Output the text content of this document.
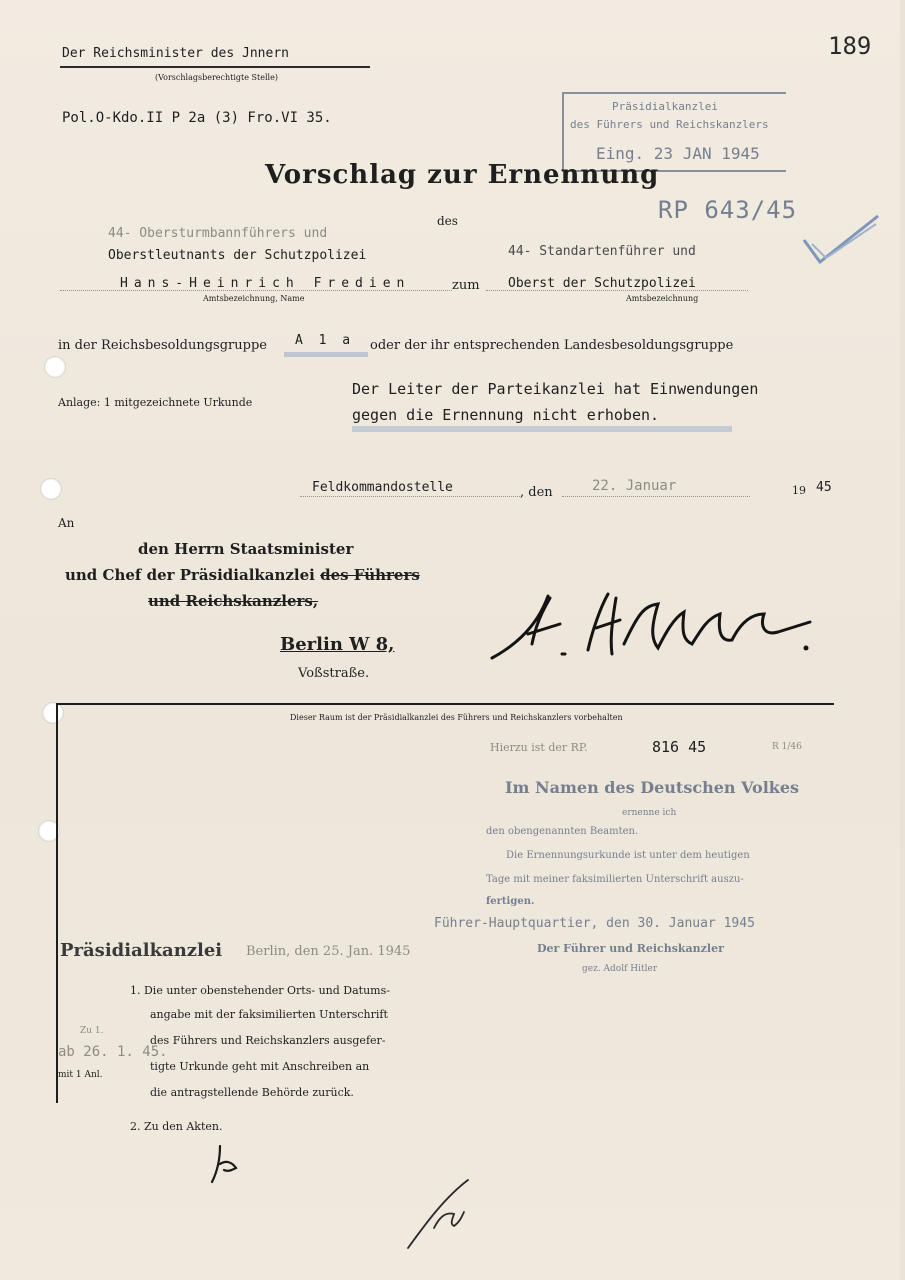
189
Der Reichsminister des Jnnern
(Vorschlagsberechtigte Stelle)
Pol.O-Kdo.II P 2a (3) Fro.VI 35.
Präsidialkanzlei
des Führers und Reichskanzlers
Eing. 23 JAN 1945
Vorschlag zur Ernennung
des	RP 643/45
44- Obersturmbannführers und
Oberstleutnants der Schutzpolizei
Hans-Heinrich Fredien
Amtsbezeichnung, Name
zum
44- Standartenführer und
Oberst der Schutzpolizei
Amtsbezeichnung
in der Reichsbesoldungsgruppe A 1 a oder der ihr entsprechenden Landesbesoldungsgruppe
Anlage: 1 mitgezeichnete Urkunde
Der Leiter der Parteikanzlei hat Einwendungen
gegen die Ernennung nicht erhoben.
Feldkommandostelle	, den	22. Januar	19 45
An
den Herrn Staatsminister
und Chef der Präsidialkanzlei des Führers
und Reichskanzlers,
Berlin W 8,
Voßstraße.
Dieser Raum ist der Präsidialkanzlei des Führers und Reichskanzlers vorbehalten
Hierzu ist der RP.	816 45	R 1/46
Im Namen des Deutschen Volkes
ernenne ich
den obengenannten Beamten.
Die Ernennungsurkunde ist unter dem heutigen
Tage mit meiner faksimilierten Unterschrift auszu-
fertigen.
Führer-Hauptquartier, den 30. Januar 1945
Der Führer und Reichskanzler
gez. Adolf Hitler
Präsidialkanzlei Berlin, den 25. Jan. 1945
1. Die unter obenstehender Orts- und Datums-
angabe mit der faksimilierten Unterschrift
des Führers und Reichskanzlers ausgefer-
tigte Urkunde geht mit Anschreiben an
die antragstellende Behörde zurück.
2. Zu den Akten.
Zu 1.
ab 26. 1. 45.
mit 1 Anl.
